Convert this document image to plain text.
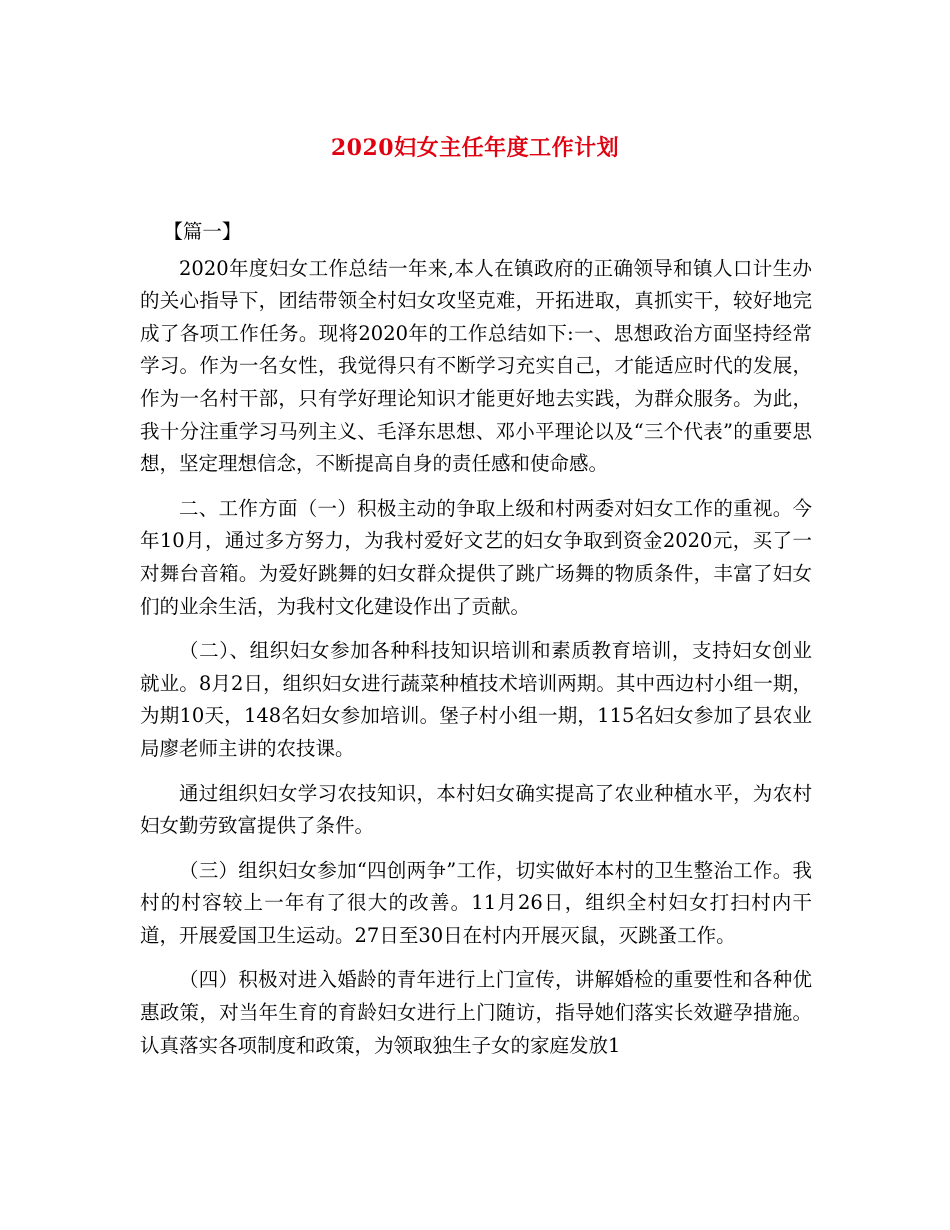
2020妇女主任年度工作计划

【篇一】

2020年度妇女工作总结一年来,本人在镇政府的正确领导和镇人口计生办的关心指导下，团结带领全村妇女攻坚克难，开拓进取，真抓实干，较好地完成了各项工作任务。现将2020年的工作总结如下:一、思想政治方面坚持经常学习。作为一名女性，我觉得只有不断学习充实自己，才能适应时代的发展，作为一名村干部，只有学好理论知识才能更好地去实践，为群众服务。为此，我十分注重学习马列主义、毛泽东思想、邓小平理论以及“三个代表”的重要思想，坚定理想信念，不断提高自身的责任感和使命感。

二、工作方面（一）积极主动的争取上级和村两委对妇女工作的重视。今年10月，通过多方努力，为我村爱好文艺的妇女争取到资金2020元，买了一对舞台音箱。为爱好跳舞的妇女群众提供了跳广场舞的物质条件，丰富了妇女们的业余生活，为我村文化建设作出了贡献。

（二）、组织妇女参加各种科技知识培训和素质教育培训，支持妇女创业就业。8月2日，组织妇女进行蔬菜种植技术培训两期。其中西边村小组一期，为期10天，148名妇女参加培训。堡子村小组一期，115名妇女参加了县农业局廖老师主讲的农技课。

通过组织妇女学习农技知识，本村妇女确实提高了农业种植水平，为农村妇女勤劳致富提供了条件。

（三）组织妇女参加“四创两争”工作，切实做好本村的卫生整治工作。我村的村容较上一年有了很大的改善。11月26日，组织全村妇女打扫村内干道，开展爱国卫生运动。27日至30日在村内开展灭鼠，灭跳蚤工作。

（四）积极对进入婚龄的青年进行上门宣传，讲解婚检的重要性和各种优惠政策，对当年生育的育龄妇女进行上门随访，指导她们落实长效避孕措施。认真落实各项制度和政策，为领取独生子女的家庭发放1
